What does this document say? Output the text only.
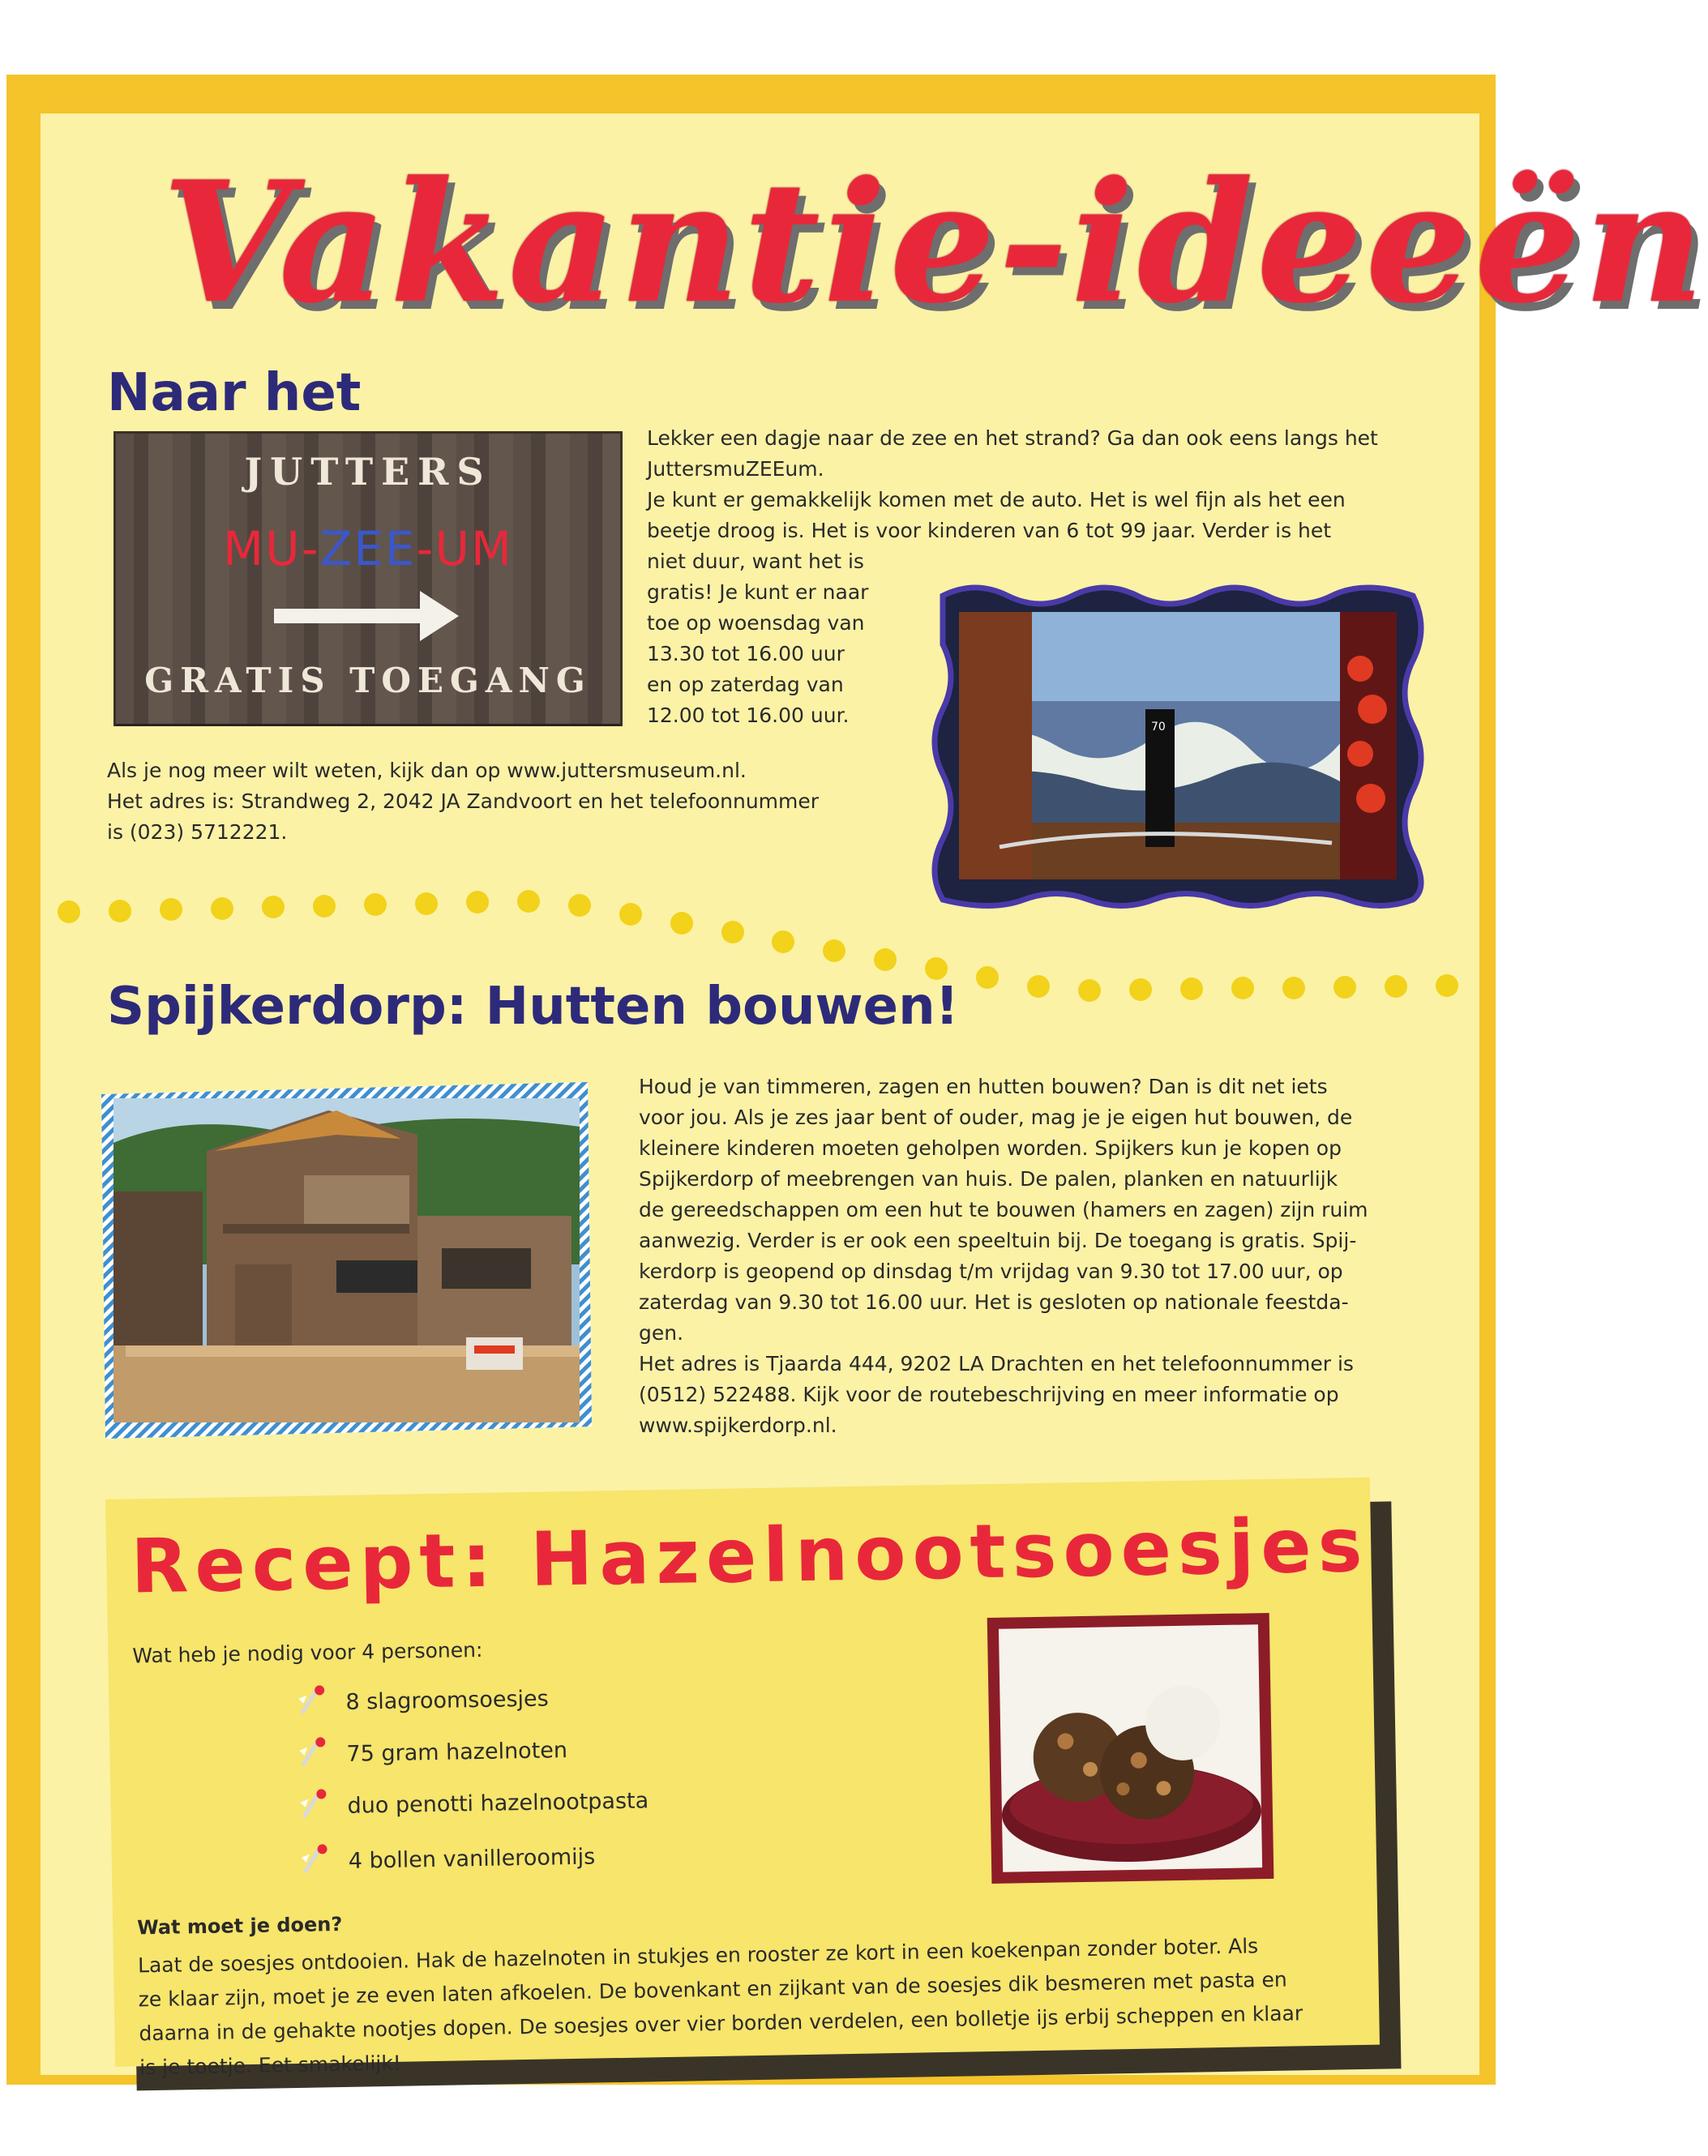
Vakantie-ideeën
Naar het
JUTTERS
MU-ZEE-UM
GRATIS TOEGANG

Lekker een dagje naar de zee en het strand? Ga dan ook eens langs het JuttersmuZEEum.

Je kunt er gemakkelijk komen met de auto. Het is wel fijn als het een

beetje droog is. Het is voor kinderen van 6 tot 99 jaar. Verder is het

niet duur, want het is

gratis! Je kunt er naar

toe op woensdag van

13.30 tot 16.00 uur

en op zaterdag van

12.00 tot 16.00 uur.	70

Als je nog meer wilt weten, kijk dan op www.juttersmuseum.nl.

Het adres is: Strandweg 2, 2042 JA Zandvoort en het telefoonnummer

is (023) 5712221.

Spijkerdorp: Hutten bouwen!

Houd je van timmeren, zagen en hutten bouwen? Dan is dit net iets

voor jou. Als je zes jaar bent of ouder, mag je je eigen hut bouwen, de

kleinere kinderen moeten geholpen worden. Spijkers kun je kopen op

Spijkerdorp of meebrengen van huis. De palen, planken en natuurlijk

de gereedschappen om een hut te bouwen (hamers en zagen) zijn ruim

aanwezig. Verder is er ook een speeltuin bij. De toegang is gratis. Spij-

kerdorp is geopend op dinsdag t/m vrijdag van 9.30 tot 17.00 uur, op

zaterdag van 9.30 tot 16.00 uur. Het is gesloten op nationale feestda-

gen.

Het adres is Tjaarda 444, 9202 LA Drachten en het telefoonnummer is

(0512) 522488. Kijk voor de routebeschrijving en meer informatie op

www.spijkerdorp.nl.

Recept: Hazelnootsoesjes
Wat heb je nodig voor 4 personen:
8 slagroomsoesjes
75 gram hazelnoten
duo penotti hazelnootpasta
4 bollen vanilleroomijs
Wat moet je doen?

Laat de soesjes ontdooien. Hak de hazelnoten in stukjes en rooster ze kort in een koekenpan zonder boter. Als

ze klaar zijn, moet je ze even laten afkoelen. De bovenkant en zijkant van de soesjes dik besmeren met pasta en

daarna in de gehakte nootjes dopen. De soesjes over vier borden verdelen, een bolletje ijs erbij scheppen en klaar

is je toetje. Eet smakelijk!
